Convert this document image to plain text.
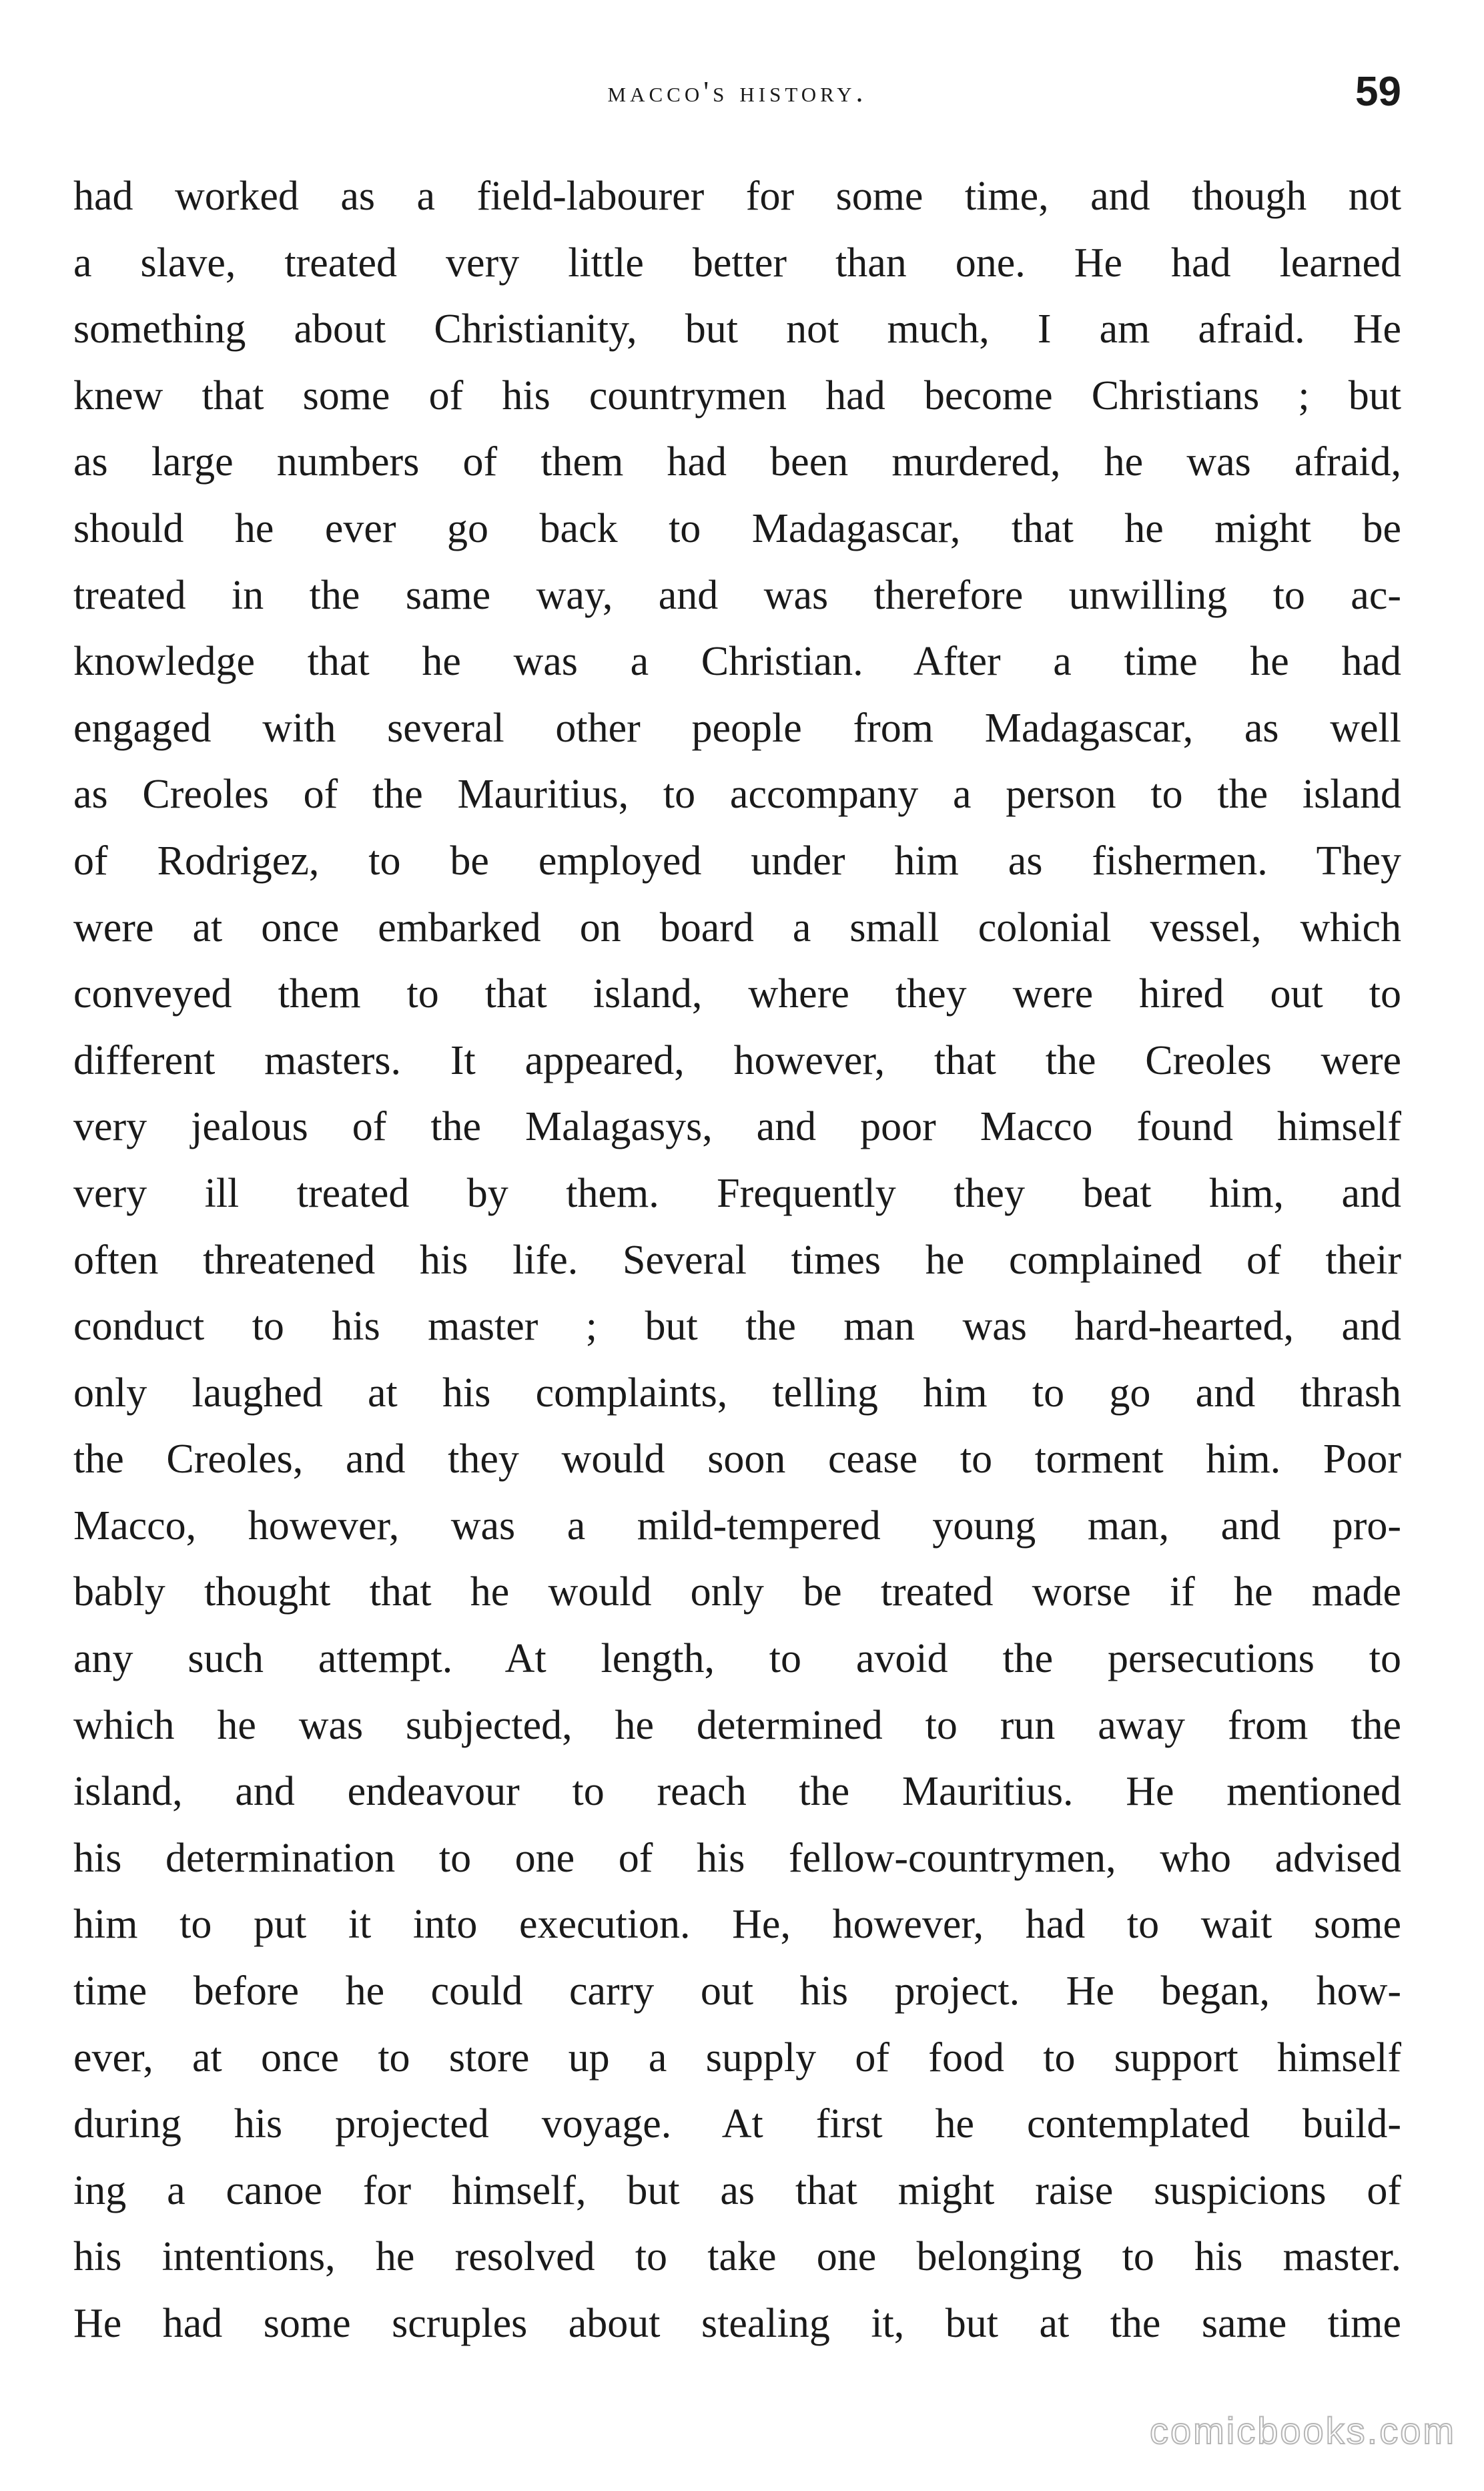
macco's history.	59
had worked as a field-labourer for some time, and though not
a slave, treated very little better than one. He had learned
something about Christianity, but not much, I am afraid. He
knew that some of his countrymen had become Christians ; but
as large numbers of them had been murdered, he was afraid,
should he ever go back to Madagascar, that he might be
treated in the same way, and was therefore unwilling to ac-
knowledge that he was a Christian. After a time he had
engaged with several other people from Madagascar, as well
as Creoles of the Mauritius, to accompany a person to the island
of Rodrigez, to be employed under him as fishermen. They
were at once embarked on board a small colonial vessel, which
conveyed them to that island, where they were hired out to
different masters. It appeared, however, that the Creoles were
very jealous of the Malagasys, and poor Macco found himself
very ill treated by them. Frequently they beat him, and
often threatened his life. Several times he complained of their
conduct to his master ; but the man was hard-hearted, and
only laughed at his complaints, telling him to go and thrash
the Creoles, and they would soon cease to torment him. Poor
Macco, however, was a mild-tempered young man, and pro-
bably thought that he would only be treated worse if he made
any such attempt. At length, to avoid the persecutions to
which he was subjected, he determined to run away from the
island, and endeavour to reach the Mauritius. He mentioned
his determination to one of his fellow-countrymen, who advised
him to put it into execution. He, however, had to wait some
time before he could carry out his project. He began, how-
ever, at once to store up a supply of food to support himself
during his projected voyage. At first he contemplated build-
ing a canoe for himself, but as that might raise suspicions of
his intentions, he resolved to take one belonging to his master.
He had some scruples about stealing it, but at the same time
comicbooks.com
